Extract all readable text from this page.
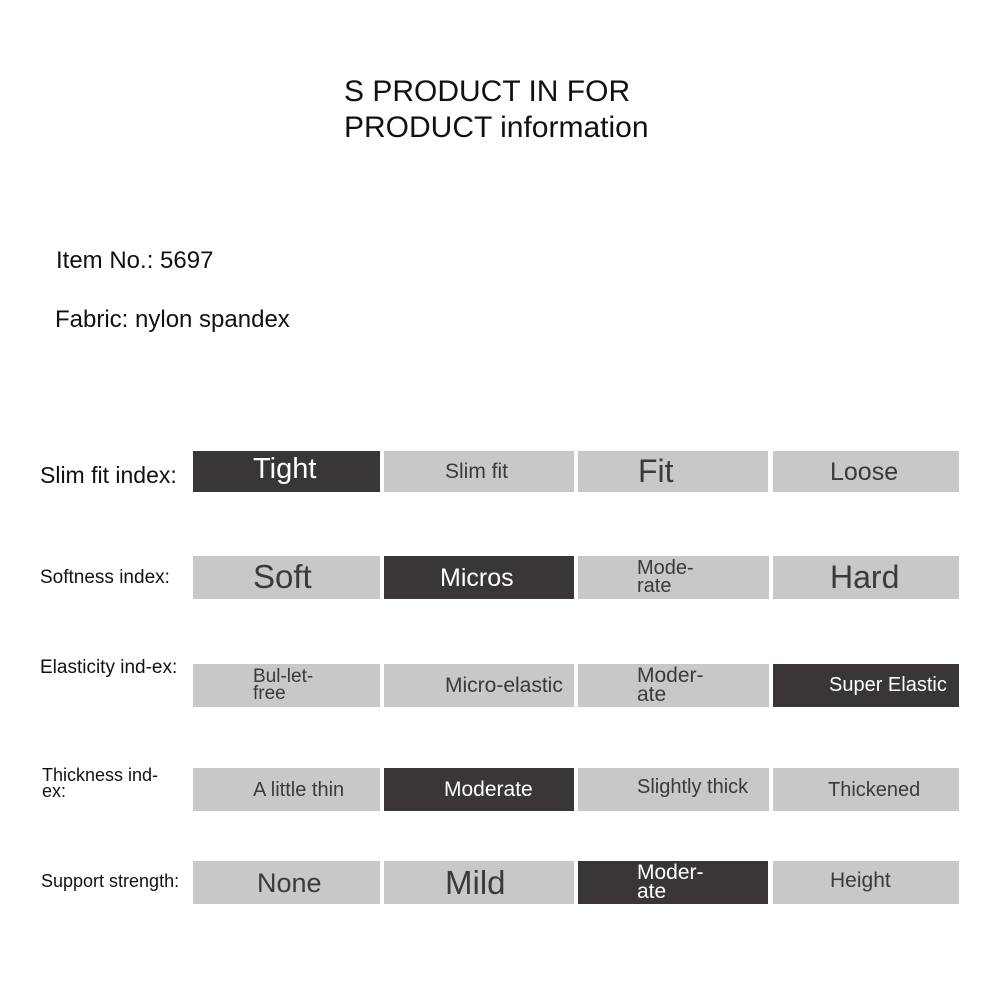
S PRODUCT IN FOR
PRODUCT information
Item No.: 5697
Fabric: nylon spandex
Slim fit index:	Tight	Slim fit	Fit	Loose
Softness index:	Soft	Micros	Mode-rate	Hard
Elasticity ind-ex:	Bul-let-free	Micro-elastic	Moder-ate	Super Elastic
Thickness ind-ex:	A little thin	Moderate	Slightly thick	Thickened
Support strength:	None	Mild	Moder-ate	Height
